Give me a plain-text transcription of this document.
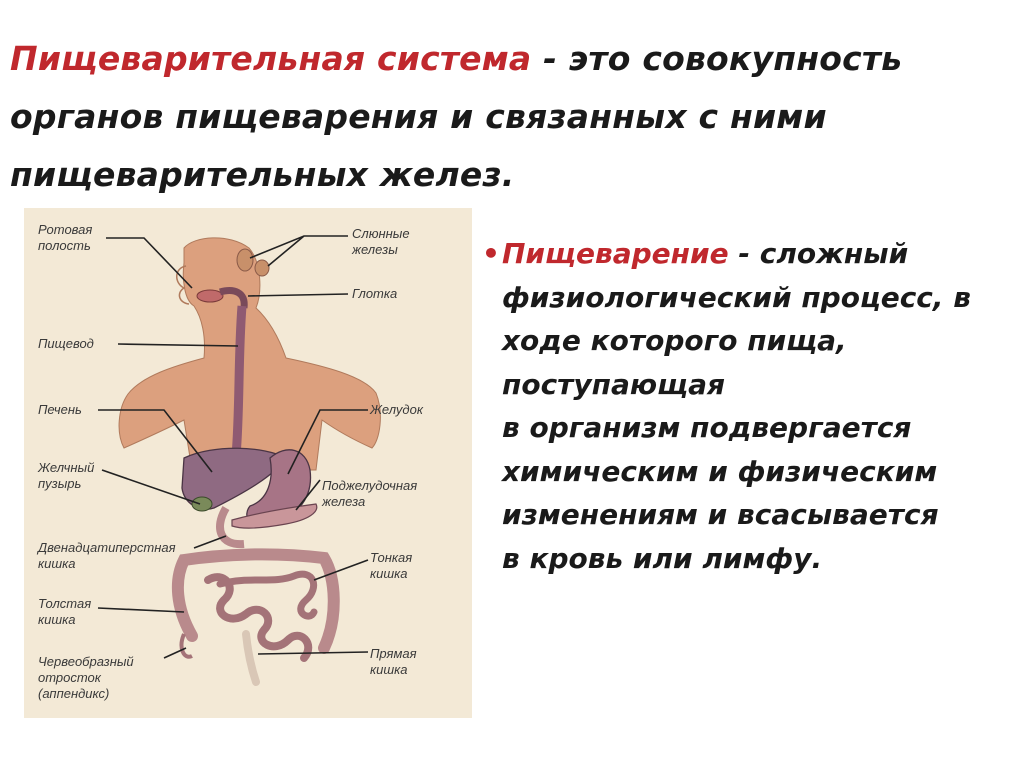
Пищеварительная система - это совокупность
органов пищеварения и связанных с ними
пищеварительных желез.
Ротовая полость
Слюнные железы
Глотка
Пищевод
Печень	Желудок
Желчный пузырь	Поджелудочная железа
Двенадцатиперстная кишка	Тонкая кишка
Толстая кишка
Прямая кишка
Червеобразный отросток (аппендикс)
• Пищеварение - сложный
физиологический процесс, в
ходе которого пища,
поступающая
в организм подвергается
химическим и физическим
изменениям и всасывается
в кровь или лимфу.
